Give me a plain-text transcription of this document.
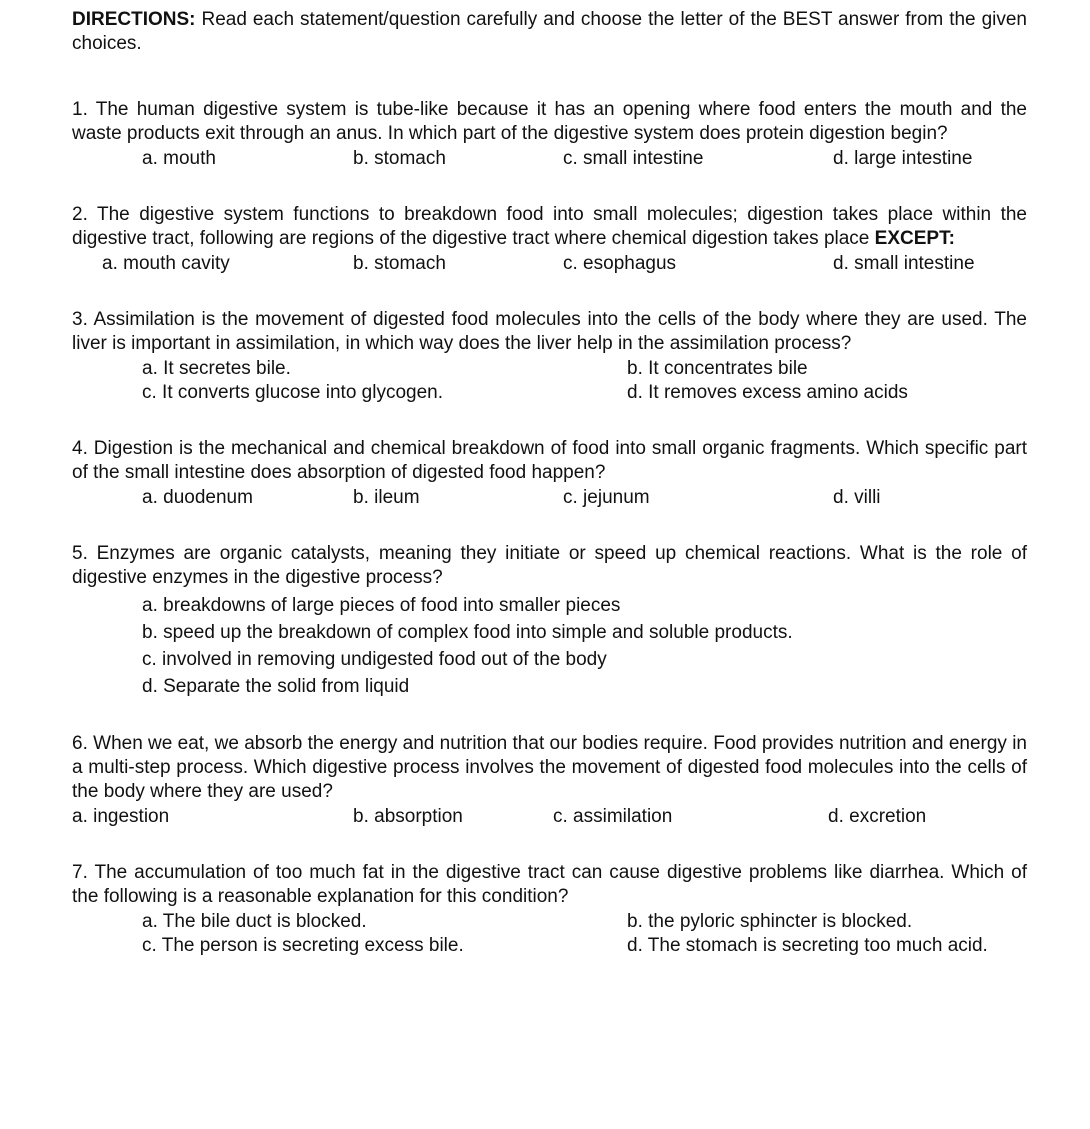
DIRECTIONS: Read each statement/question carefully and choose the letter of the BEST answer from the given choices.
1. The human digestive system is tube-like because it has an opening where food enters the mouth and the waste products exit through an anus. In which part of the digestive system does protein digestion begin?
a. mouth	b. stomach	c. small intestine	d. large intestine
2. The digestive system functions to breakdown food into small molecules; digestion takes place within the digestive tract, following are regions of the digestive tract where chemical digestion takes place EXCEPT:
a. mouth cavity	b. stomach	c. esophagus	d. small intestine
3. Assimilation is the movement of digested food molecules into the cells of the body where they are used. The liver is important in assimilation, in which way does the liver help in the assimilation process?
a. It secretes bile.	b. It concentrates bile
c. It converts glucose into glycogen.	d. It removes excess amino acids
4. Digestion is the mechanical and chemical breakdown of food into small organic fragments. Which specific part of the small intestine does absorption of digested food happen?
a. duodenum	b. ileum	c. jejunum	d. villi
5. Enzymes are organic catalysts, meaning they initiate or speed up chemical reactions. What is the role of digestive enzymes in the digestive process?
a. breakdowns of large pieces of food into smaller pieces
b. speed up the breakdown of complex food into simple and soluble products.
c. involved in removing undigested food out of the body
d. Separate the solid from liquid
6. When we eat, we absorb the energy and nutrition that our bodies require. Food provides nutrition and energy in a multi-step process. Which digestive process involves the movement of digested food molecules into the cells of the body where they are used?
a. ingestion	b. absorption	c. assimilation	d. excretion
7. The accumulation of too much fat in the digestive tract can cause digestive problems like diarrhea. Which of the following is a reasonable explanation for this condition?
a. The bile duct is blocked.	b. the pyloric sphincter is blocked.
c. The person is secreting excess bile.	d. The stomach is secreting too much acid.
